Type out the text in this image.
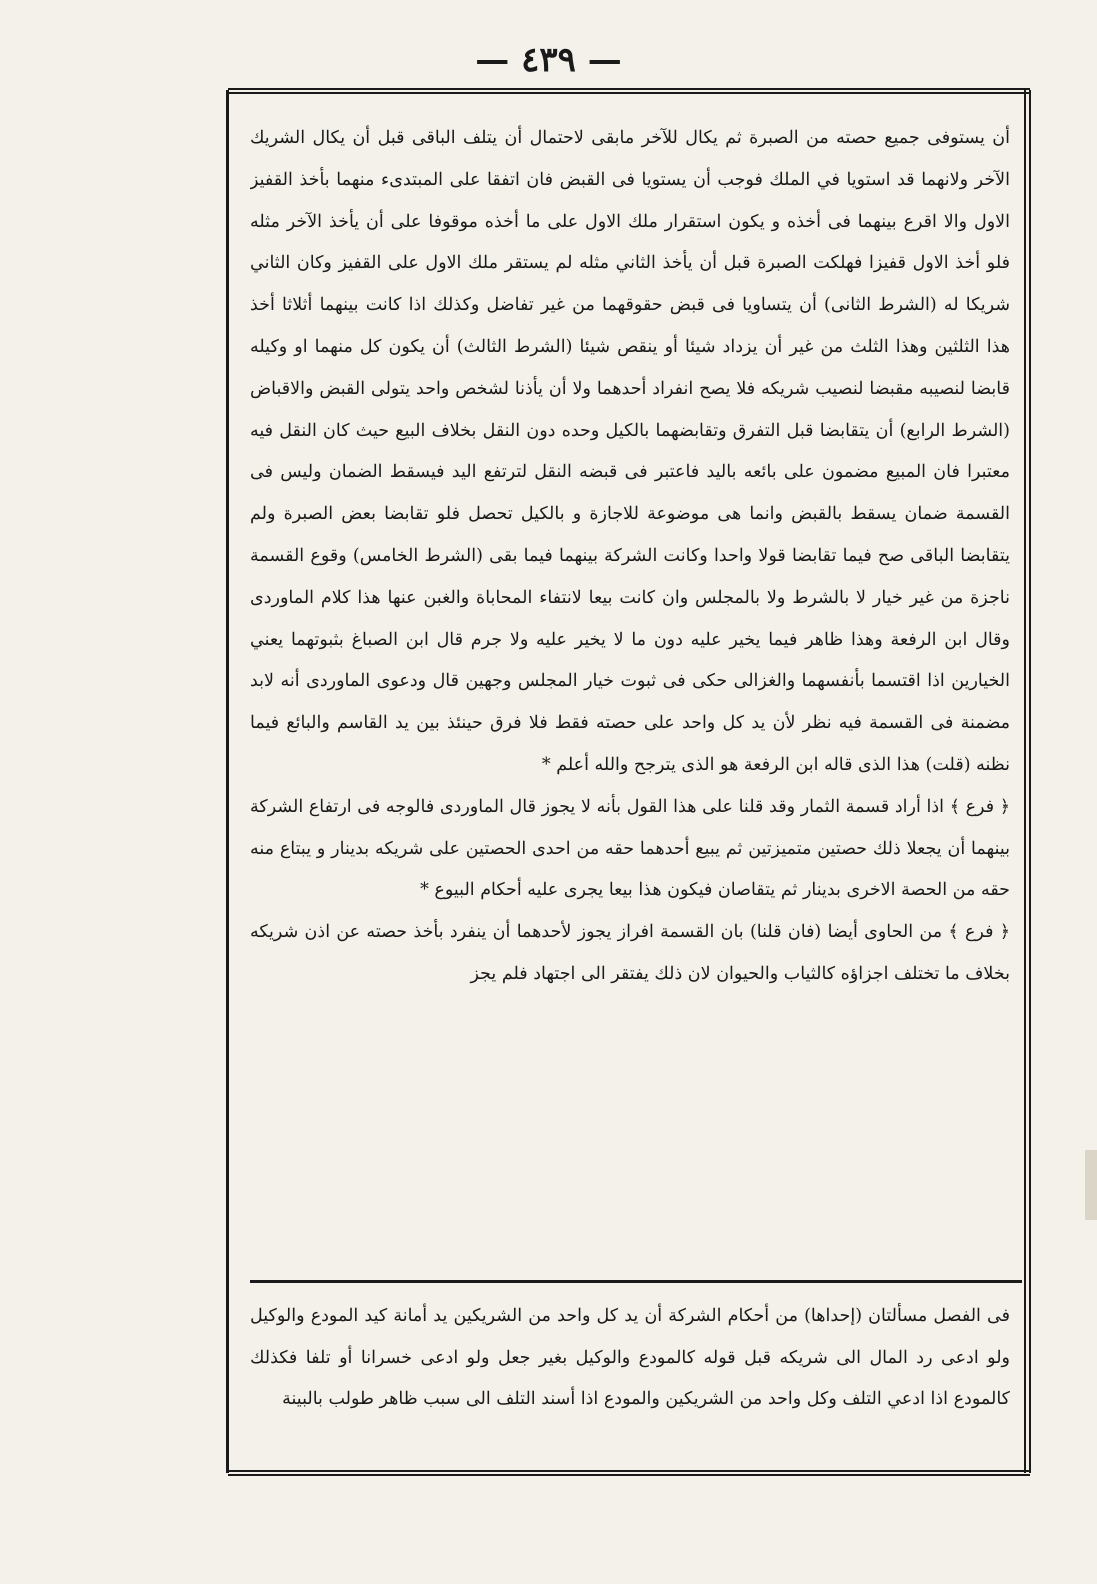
— ٤٣٩ —

أن يستوفى جميع حصته من الصبرة ثم يكال للآخر مابقى لاحتمال أن يتلف الباقى قبل أن يكال الشريك الآخر ولانهما قد استويا في الملك فوجب أن يستويا فى القبض فان اتفقا على المبتدىء منهما بأخذ القفيز الاول والا اقرع بينهما فى أخذه و يكون استقرار ملك الاول على ما أخذه موقوفا على أن يأخذ الآخر مثله فلو أخذ الاول قفيزا فهلكت الصبرة قبل أن يأخذ الثاني مثله لم يستقر ملك الاول على القفيز وكان الثاني شريكا له (الشرط الثانى) أن يتساويا فى قبض حقوقهما من غير تفاضل وكذلك اذا كانت بينهما أثلاثا أخذ هذا الثلثين وهذا الثلث من غير أن يزداد شيئا أو ينقص شيئا (الشرط الثالث) أن يكون كل منهما او وكيله قابضا لنصيبه مقبضا لنصيب شريكه فلا يصح انفراد أحدهما ولا أن يأذنا لشخص واحد يتولى القبض والاقباض (الشرط الرابع) أن يتقابضا قبل التفرق وتقابضهما بالكيل وحده دون النقل بخلاف البيع حيث كان النقل فيه معتبرا فان المبيع مضمون على بائعه باليد فاعتبر فى قبضه النقل لترتفع اليد فيسقط الضمان وليس فى القسمة ضمان يسقط بالقبض وانما هى موضوعة للاجازة و بالكيل تحصل فلو تقابضا بعض الصبرة ولم يتقابضا الباقى صح فيما تقابضا قولا واحدا وكانت الشركة بينهما فيما بقى (الشرط الخامس) وقوع القسمة ناجزة من غير خيار لا بالشرط ولا بالمجلس وان كانت بيعا لانتفاء المحاباة والغبن عنها هذا كلام الماوردى وقال ابن الرفعة وهذا ظاهر فيما يخير عليه دون ما لا يخير عليه ولا جرم قال ابن الصباغ بثبوتهما يعني الخيارين اذا اقتسما بأنفسهما والغزالى حكى فى ثبوت خيار المجلس وجهين قال ودعوى الماوردى أنه لابد مضمنة فى القسمة فيه نظر لأن يد كل واحد على حصته فقط فلا فرق حينئذ بين يد القاسم والبائع فيما نظنه (قلت) هذا الذى قاله ابن الرفعة هو الذى يترجح والله أعلم *

﴿ فرع ﴾ اذا أراد قسمة الثمار وقد قلنا على هذا القول بأنه لا يجوز قال الماوردى فالوجه فى ارتفاع الشركة بينهما أن يجعلا ذلك حصتين متميزتين ثم يبيع أحدهما حقه من احدى الحصتين على شريكه بدينار و يبتاع منه حقه من الحصة الاخرى بدينار ثم يتقاصان فيكون هذا بيعا يجرى عليه أحكام البيوع *

﴿ فرع ﴾ من الحاوى أيضا (فان قلنا) بان القسمة افراز يجوز لأحدهما أن ينفرد بأخذ حصته عن اذن شريكه بخلاف ما تختلف اجزاؤه كالثياب والحيوان لان ذلك يفتقر الى اجتهاد فلم يجز

فى الفصل مسألتان (إحداها) من أحكام الشركة أن يد كل واحد من الشريكين يد أمانة كيد المودع والوكيل ولو ادعى رد المال الى شريكه قبل قوله كالمودع والوكيل بغير جعل ولو ادعى خسرانا أو تلفا فكذلك كالمودع اذا ادعي التلف وكل واحد من الشريكين والمودع اذا أسند التلف الى سبب ظاهر طولب بالبينة
